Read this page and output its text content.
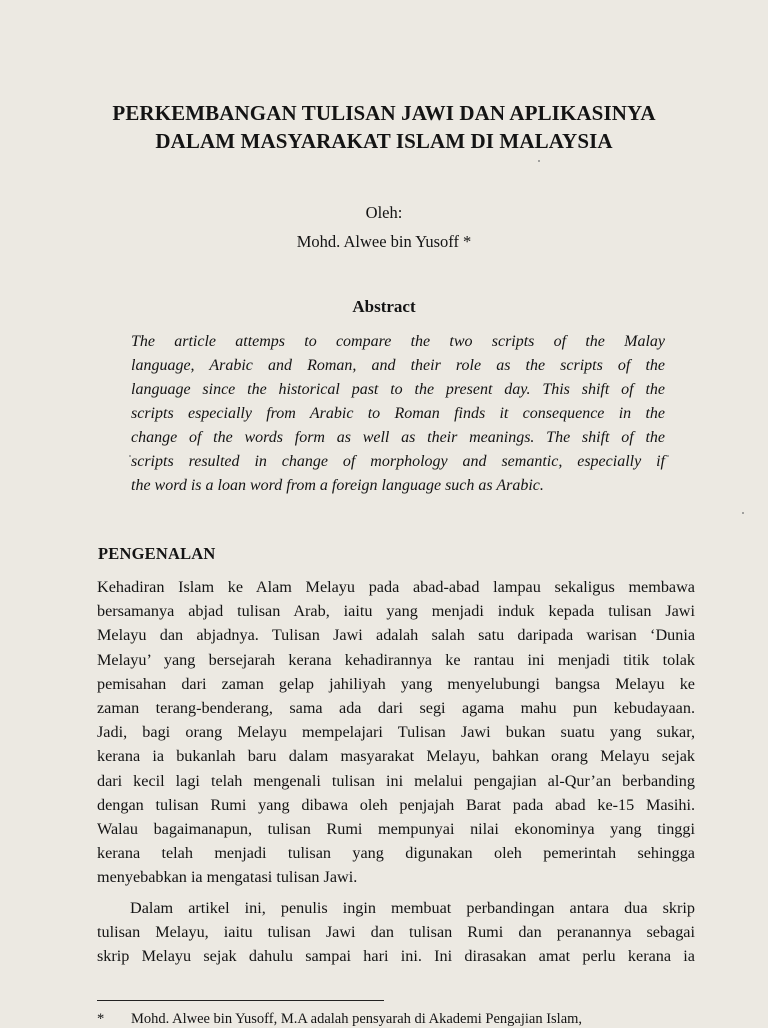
PERKEMBANGAN TULISAN JAWI DAN APLIKASINYA
DALAM MASYARAKAT ISLAM DI MALAYSIA

Oleh:

Mohd. Alwee bin Yusoff *

Abstract
The article attemps to compare the two scripts of the Malay
language, Arabic and Roman, and their role as the scripts of the
language since the historical past to the present day. This shift of the
scripts especially from Arabic to Roman finds it consequence in the
change of the words form as well as their meanings. The shift of the
scripts resulted in change of morphology and semantic, especially if
the word is a loan word from a foreign language such as Arabic.
PENGENALAN
Kehadiran Islam ke Alam Melayu pada abad-abad lampau sekaligus membawa
bersamanya abjad tulisan Arab, iaitu yang menjadi induk kepada tulisan Jawi
Melayu dan abjadnya. Tulisan Jawi adalah salah satu daripada warisan ‘Dunia
Melayu’ yang bersejarah kerana kehadirannya ke rantau ini menjadi titik tolak
pemisahan dari zaman gelap jahiliyah yang menyelubungi bangsa Melayu ke
zaman terang-benderang, sama ada dari segi agama mahu pun kebudayaan.
Jadi, bagi orang Melayu mempelajari Tulisan Jawi bukan suatu yang sukar,
kerana ia bukanlah baru dalam masyarakat Melayu, bahkan orang Melayu sejak
dari kecil lagi telah mengenali tulisan ini melalui pengajian al-Qur’an berbanding
dengan tulisan Rumi yang dibawa oleh penjajah Barat pada abad ke-15 Masihi.
Walau bagaimanapun, tulisan Rumi mempunyai nilai ekonominya yang tinggi
kerana telah menjadi tulisan yang digunakan oleh pemerintah sehingga
menyebabkan ia mengatasi tulisan Jawi.
Dalam artikel ini, penulis ingin membuat perbandingan antara dua skrip
tulisan Melayu, iaitu tulisan Jawi dan tulisan Rumi dan peranannya sebagai
skrip Melayu sejak dahulu sampai hari ini. Ini dirasakan amat perlu kerana ia
* Mohd. Alwee bin Yusoff, M.A adalah pensyarah di Akademi Pengajian Islam,
